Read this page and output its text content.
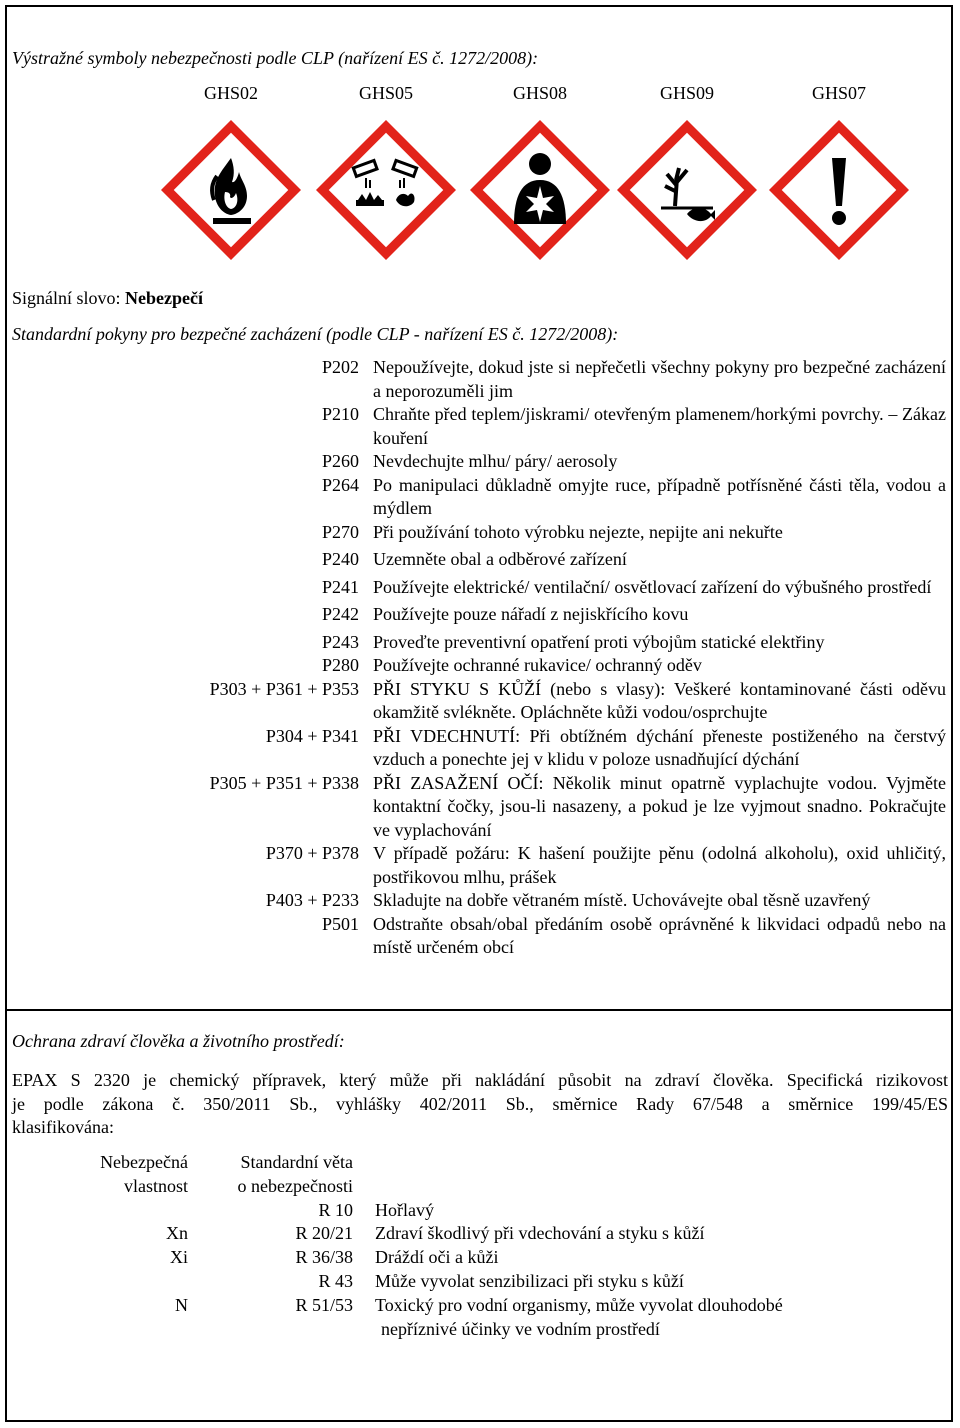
Výstražné symboly nebezpečnosti podle CLP (nařízení ES č. 1272/2008):
GHS02	GHS05	GHS08	GHS09	GHS07
Signální slovo: Nebezpečí
Standardní pokyny pro bezpečné zacházení (podle CLP - nařízení ES č. 1272/2008):
P202	Nepoužívejte, dokud jste si nepřečetli všechny pokyny pro bezpečné zacházení a neporozuměli jim
P210	Chraňte před teplem/jiskrami/ otevřeným plamenem/horkými povrchy. – Zákaz kouření
P260	Nevdechujte mlhu/ páry/ aerosoly
P264	Po manipulaci důkladně omyjte ruce, případně potřísněné části těla, vodou a mýdlem
P270	Při používání tohoto výrobku nejezte, nepijte ani nekuřte
P240	Uzemněte obal a odběrové zařízení
P241	Používejte elektrické/ ventilační/ osvětlovací zařízení do výbušného prostředí
P242	Používejte pouze nářadí z nejiskřícího kovu
P243	Proveďte preventivní opatření proti výbojům statické elektřiny
P280	Používejte ochranné rukavice/ ochranný oděv
P303 + P361 + P353	PŘI STYKU S KŮŽÍ (nebo s vlasy): Veškeré kontaminované části oděvu okamžitě svlékněte. Opláchněte kůži vodou/osprchujte
P304 + P341	PŘI VDECHNUTÍ: Při obtížném dýchání přeneste postiženého na čerstvý vzduch a ponechte jej v klidu v poloze usnadňující dýchání
P305 + P351 + P338	PŘI ZASAŽENÍ OČÍ: Několik minut opatrně vyplachujte vodou. Vyjměte kontaktní čočky, jsou-li nasazeny, a pokud je lze vyjmout snadno. Pokračujte ve vyplachování
P370 + P378	V případě požáru: K hašení použijte pěnu (odolná alkoholu), oxid uhličitý, postřikovou mlhu, prášek
P403 + P233	Skladujte na dobře větraném místě. Uchovávejte obal těsně uzavřený
P501	Odstraňte obsah/obal předáním osobě oprávněné k likvidaci odpadů nebo na místě určeném obcí
Ochrana zdraví člověka a životního prostředí:
EPAX S 2320 je chemický přípravek, který může při nakládání působit na zdraví člověka. Specifická rizikovost
je podle zákona č. 350/2011 Sb., vyhlášky 402/2011 Sb., směrnice Rady 67/548 a směrnice 199/45/ES
klasifikována:
Nebezpečná
vlastnost	Standardní věta
o nebezpečnosti	
	R 10	Hořlavý
Xn	R 20/21	Zdraví škodlivý při vdechování a styku s kůží
Xi	R 36/38	Dráždí oči a kůži
	R 43	Může vyvolat senzibilizaci při styku s kůží
N	R 51/53	Toxický pro vodní organismy, může vyvolat dlouhodobé
		nepříznivé účinky ve vodním prostředí
